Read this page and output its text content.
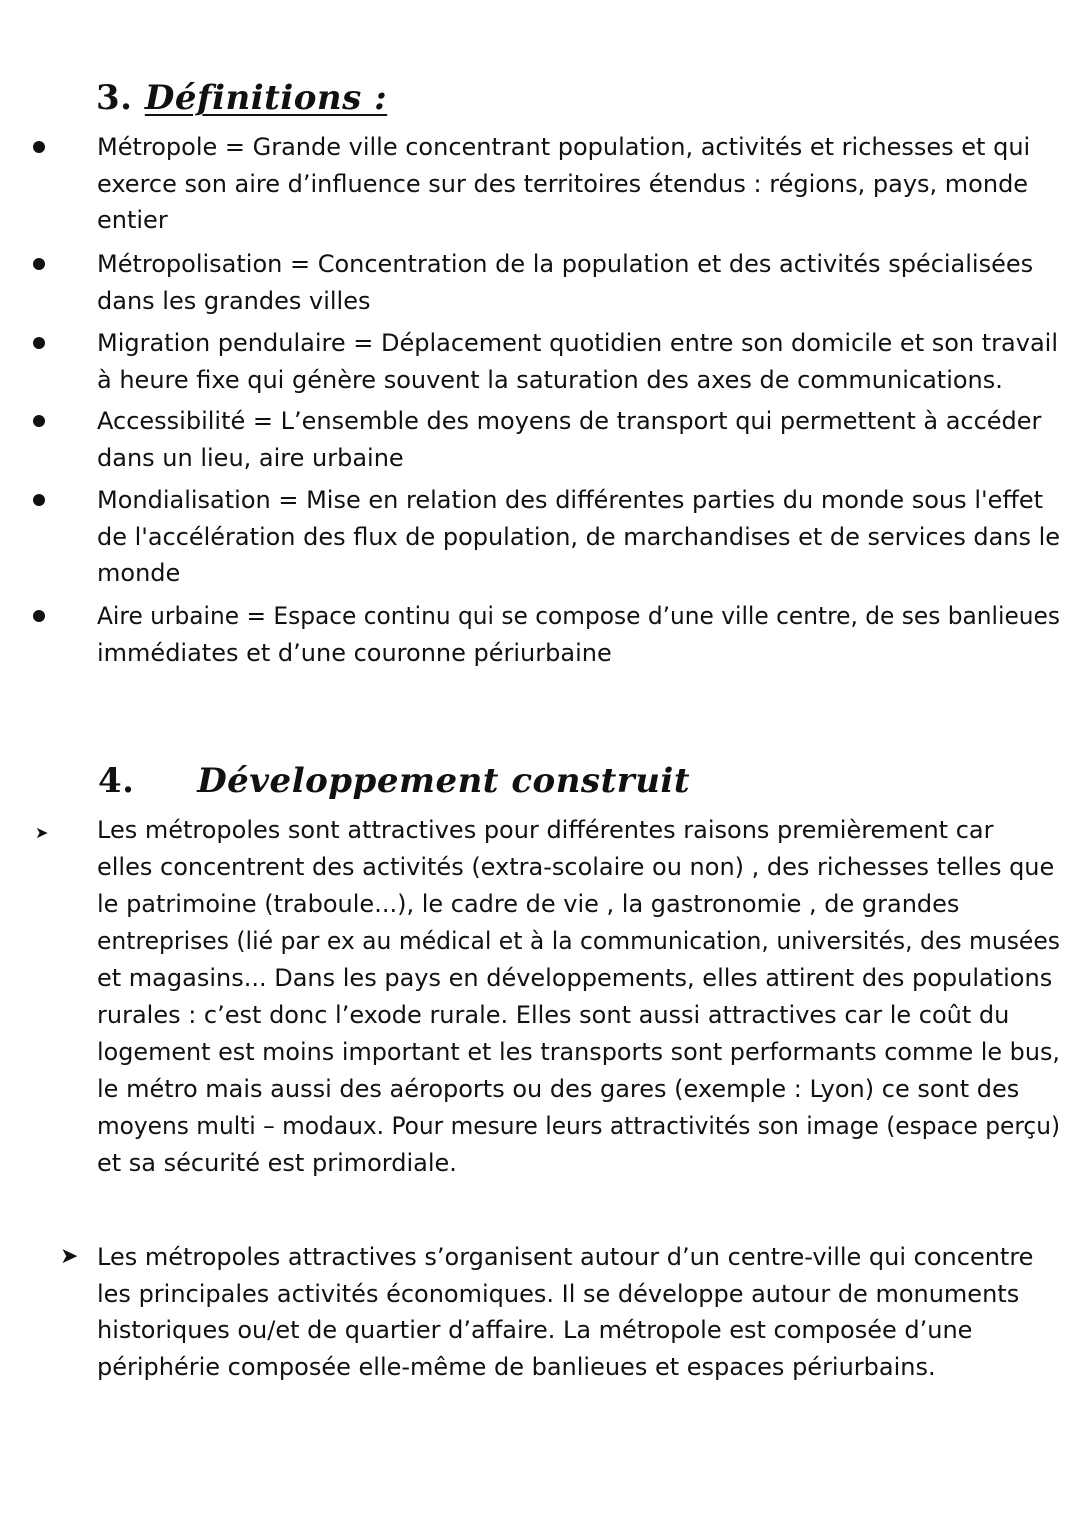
3. Définitions :

Métropole = Grande ville concentrant population, activités et richesses et qui
exerce son aire d’influence sur des territoires étendus : régions, pays, monde
entier

Métropolisation = Concentration de la population et des activités spécialisées
dans les grandes villes

Migration pendulaire = Déplacement quotidien entre son domicile et son travail
à heure fixe qui génère souvent la saturation des axes de communications.

Accessibilité = L’ensemble des moyens de transport qui permettent à accéder
dans un lieu, aire urbaine

Mondialisation = Mise en relation des différentes parties du monde sous l'effet
de l'accélération des flux de population, de marchandises et de services dans le
monde

Aire urbaine = Espace continu qui se compose d’une ville centre, de ses banlieues
immédiates et d’une couronne périurbaine

4. Développement construit
➤ Les métropoles sont attractives pour différentes raisons premièrement car
elles concentrent des activités (extra-scolaire ou non) , des richesses telles que
le patrimoine (traboule...), le cadre de vie , la gastronomie , de grandes
entreprises (lié par ex au médical et à la communication, universités, des musées
et magasins... Dans les pays en développements, elles attirent des populations
rurales : c’est donc l’exode rurale. Elles sont aussi attractives car le coût du
logement est moins important et les transports sont performants comme le bus,
le métro mais aussi des aéroports ou des gares (exemple : Lyon) ce sont des
moyens multi – modaux. Pour mesure leurs attractivités son image (espace perçu)
et sa sécurité est primordiale.

➤ Les métropoles attractives s’organisent autour d’un centre-ville qui concentre
les principales activités économiques. Il se développe autour de monuments
historiques ou/et de quartier d’affaire. La métropole est composée d’une
périphérie composée elle-même de banlieues et espaces périurbains.
